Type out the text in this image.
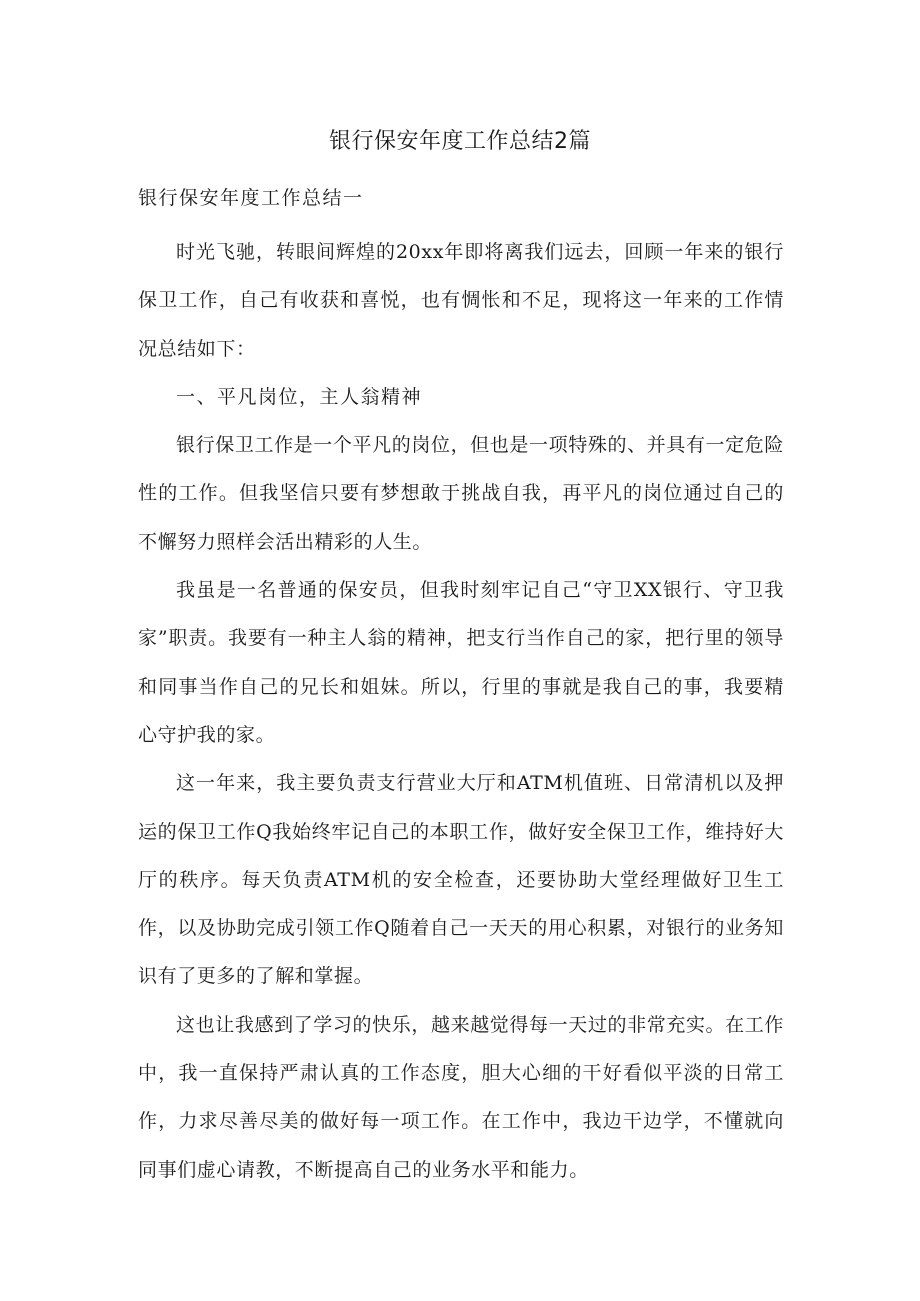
银行保安年度工作总结2篇
银行保安年度工作总结一

时光飞驰，转眼间辉煌的20xx年即将离我们远去，回顾一年来的银行保卫工作，自己有收获和喜悦，也有惆怅和不足，现将这一年来的工作情况总结如下：

一、平凡岗位，主人翁精神

银行保卫工作是一个平凡的岗位，但也是一项特殊的、并具有一定危险性的工作。但我坚信只要有梦想敢于挑战自我，再平凡的岗位通过自己的不懈努力照样会活出精彩的人生。

我虽是一名普通的保安员，但我时刻牢记自己“守卫XX银行、守卫我家”职责。我要有一种主人翁的精神，把支行当作自己的家，把行里的领导和同事当作自己的兄长和姐妹。所以，行里的事就是我自己的事，我要精心守护我的家。

这一年来，我主要负责支行营业大厅和ATM机值班、日常清机以及押运的保卫工作Q我始终牢记自己的本职工作，做好安全保卫工作，维持好大厅的秩序。每天负责ATM机的安全检查，还要协助大堂经理做好卫生工作，以及协助完成引领工作Q随着自己一天天的用心积累，对银行的业务知识有了更多的了解和掌握。

这也让我感到了学习的快乐，越来越觉得每一天过的非常充实。在工作中，我一直保持严肃认真的工作态度，胆大心细的干好看似平淡的日常工作，力求尽善尽美的做好每一项工作。在工作中，我边干边学，不懂就向同事们虚心请教，不断提高自己的业务水平和能力。
